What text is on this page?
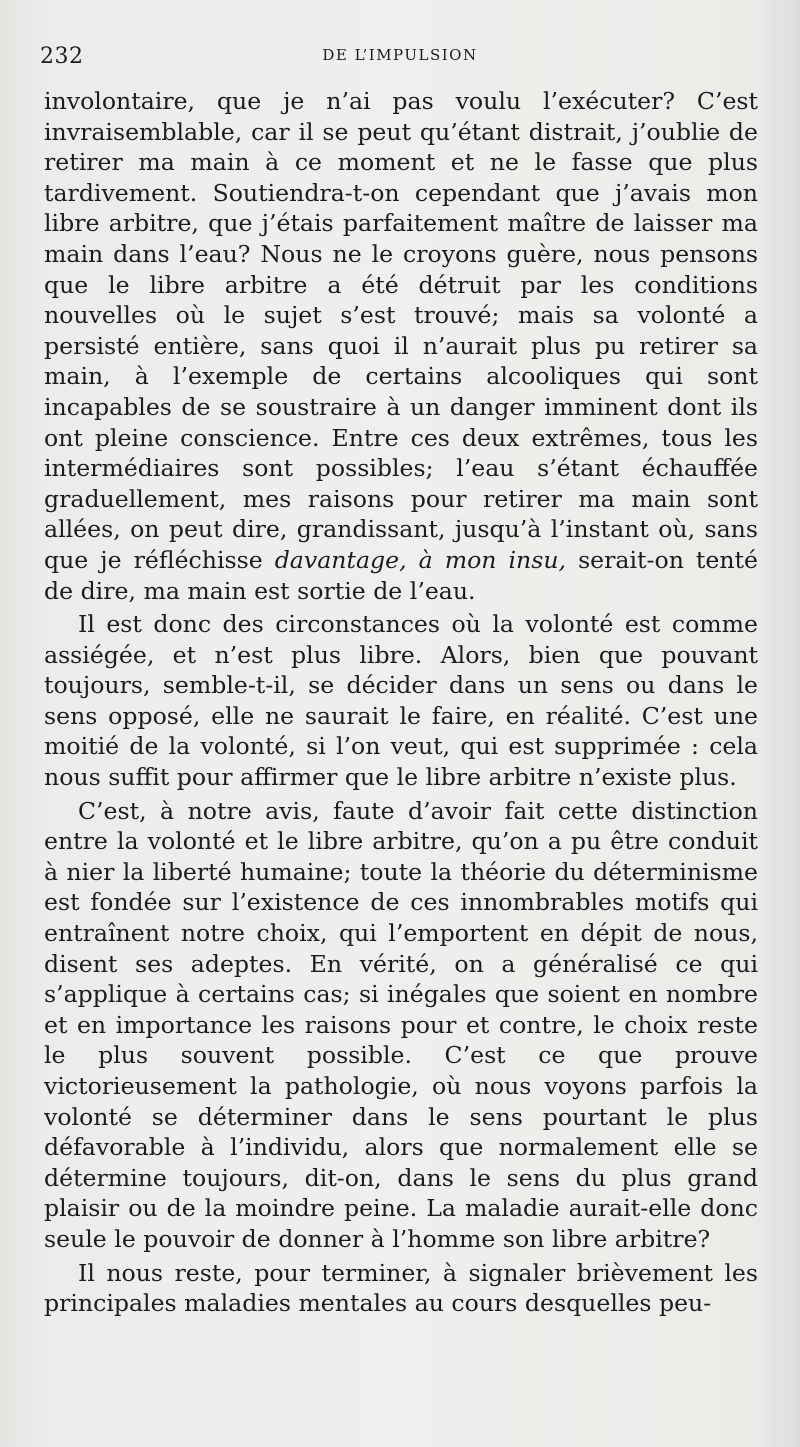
232	DE L’IMPULSION

involontaire, que je n’ai pas voulu l’exécuter? C’est invraisemblable, car il se peut qu’étant distrait, j’oublie de retirer ma main à ce moment et ne le fasse que plus tardivement. Soutiendra-t-on cependant que j’avais mon libre arbitre, que j’étais parfaitement maître de laisser ma main dans l’eau? Nous ne le croyons guère, nous pensons que le libre arbitre a été détruit par les conditions nouvelles où le sujet s’est trouvé; mais sa volonté a persisté entière, sans quoi il n’aurait plus pu retirer sa main, à l’exemple de certains alcooliques qui sont incapables de se soustraire à un danger imminent dont ils ont pleine conscience. Entre ces deux extrêmes, tous les intermédiaires sont possibles; l’eau s’étant échauffée graduellement, mes raisons pour retirer ma main sont allées, on peut dire, grandissant, jusqu’à l’instant où, sans que je réfléchisse davantage, à mon insu, serait-on tenté de dire, ma main est sortie de l’eau.

Il est donc des circonstances où la volonté est comme assiégée, et n’est plus libre. Alors, bien que pouvant toujours, semble-t-il, se décider dans un sens ou dans le sens opposé, elle ne saurait le faire, en réalité. C’est une moitié de la volonté, si l’on veut, qui est supprimée : cela nous suffit pour affirmer que le libre arbitre n’existe plus.

C’est, à notre avis, faute d’avoir fait cette distinction entre la volonté et le libre arbitre, qu’on a pu être conduit à nier la liberté humaine; toute la théorie du déterminisme est fondée sur l’existence de ces innombrables motifs qui entraînent notre choix, qui l’emportent en dépit de nous, disent ses adeptes. En vérité, on a généralisé ce qui s’applique à certains cas; si inégales que soient en nombre et en importance les raisons pour et contre, le choix reste le plus souvent possible. C’est ce que prouve victorieusement la pathologie, où nous voyons parfois la volonté se déterminer dans le sens pourtant le plus défavorable à l’individu, alors que normalement elle se détermine toujours, dit-on, dans le sens du plus grand plaisir ou de la moindre peine. La maladie aurait-elle donc seule le pouvoir de donner à l’homme son libre arbitre?

Il nous reste, pour terminer, à signaler brièvement les principales maladies mentales au cours desquelles peu-
